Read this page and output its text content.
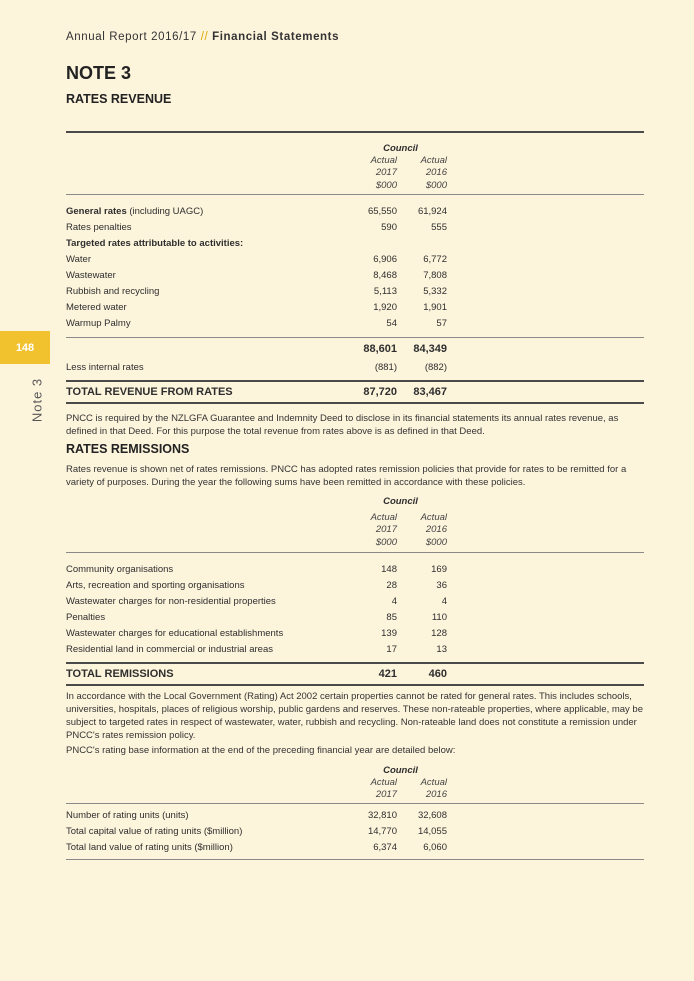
Annual Report 2016/17 // Financial Statements
NOTE 3
RATES REVENUE
148
Note 3
Council
Actual	Actual
2017	2016
$000	$000
General rates (including UAGC)	65,550	61,924
Rates penalties	590	555
Targeted rates attributable to activities:
Water	6,906	6,772
Wastewater	8,468	7,808
Rubbish and recycling	5,113	5,332
Metered water	1,920	1,901
Warmup Palmy	54	57
88,601	84,349
Less internal rates	(881)	(882)
TOTAL REVENUE FROM RATES	87,720	83,467
PNCC is required by the NZLGFA Guarantee and Indemnity Deed to disclose in its financial statements its annual rates revenue, as defined in that Deed. For this purpose the total revenue from rates above is as defined in that Deed.
RATES REMISSIONS
Rates revenue is shown net of rates remissions. PNCC has adopted rates remission policies that provide for rates to be remitted for a variety of purposes. During the year the following sums have been remitted in accordance with these policies.
Council
Actual	Actual
2017	2016
$000	$000
Community organisations	148	169
Arts, recreation and sporting organisations	28	36
Wastewater charges for non-residential properties	4	4
Penalties	85	110
Wastewater charges for educational establishments	139	128
Residential land in commercial or industrial areas	17	13
TOTAL REMISSIONS	421	460
In accordance with the Local Government (Rating) Act 2002 certain properties cannot be rated for general rates. This includes schools, universities, hospitals, places of religious worship, public gardens and reserves. These non-rateable properties, where applicable, may be subject to targeted rates in respect of wastewater, water, rubbish and recycling. Non-rateable land does not constitute a remission under PNCC's rates remission policy.
PNCC's rating base information at the end of the preceding financial year are detailed below:
Council
Actual	Actual
2017	2016
Number of rating units (units)	32,810	32,608
Total capital value of rating units ($million)	14,770	14,055
Total land value of rating units ($million)	6,374	6,060
